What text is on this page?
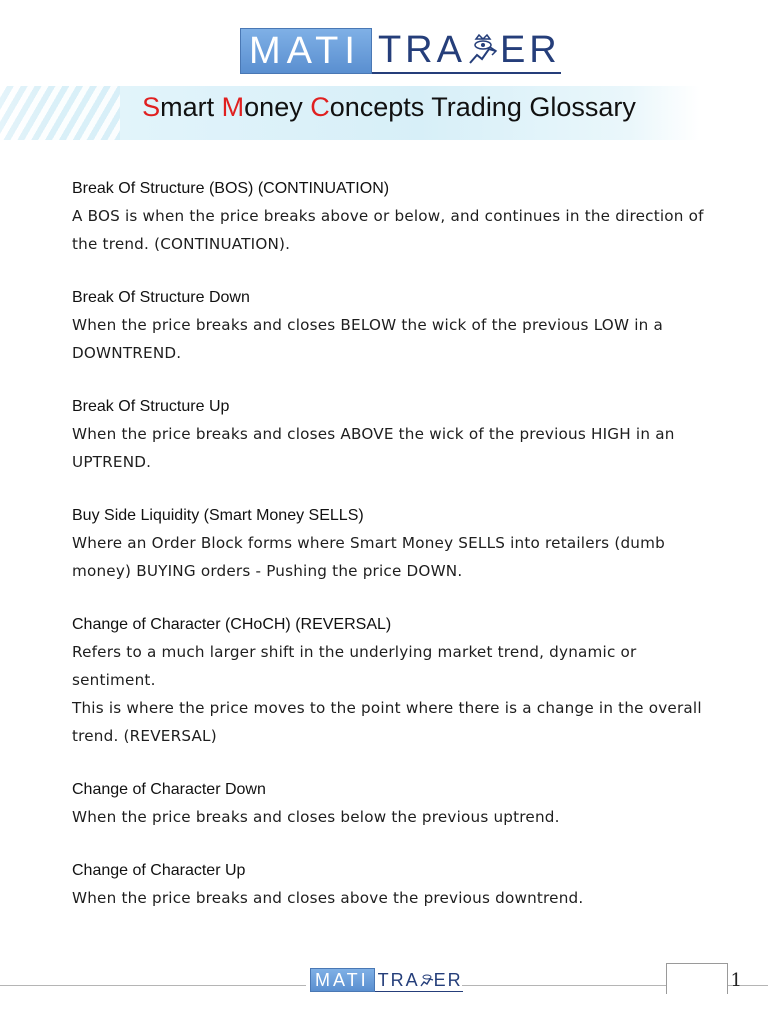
MATI TRA ER
Smart Money Concepts Trading Glossary
Break Of Structure (BOS) (CONTINUATION)

A BOS is when the price breaks above or below, and continues in the direction of the trend. (CONTINUATION).

Break Of Structure Down

When the price breaks and closes BELOW the wick of the previous LOW in a DOWNTREND.

Break Of Structure Up

When the price breaks and closes ABOVE the wick of the previous HIGH in an UPTREND.

Buy Side Liquidity (Smart Money SELLS)

Where an Order Block forms where Smart Money SELLS into retailers (dumb money) BUYING orders - Pushing the price DOWN.

Change of Character (CHoCH) (REVERSAL)

Refers to a much larger shift in the underlying market trend, dynamic or sentiment.

This is where the price moves to the point where there is a change in the overall trend. (REVERSAL)

Change of Character Down

When the price breaks and closes below the previous uptrend.

Change of Character Up

When the price breaks and closes above the previous downtrend.

MATI TRA ER	1
